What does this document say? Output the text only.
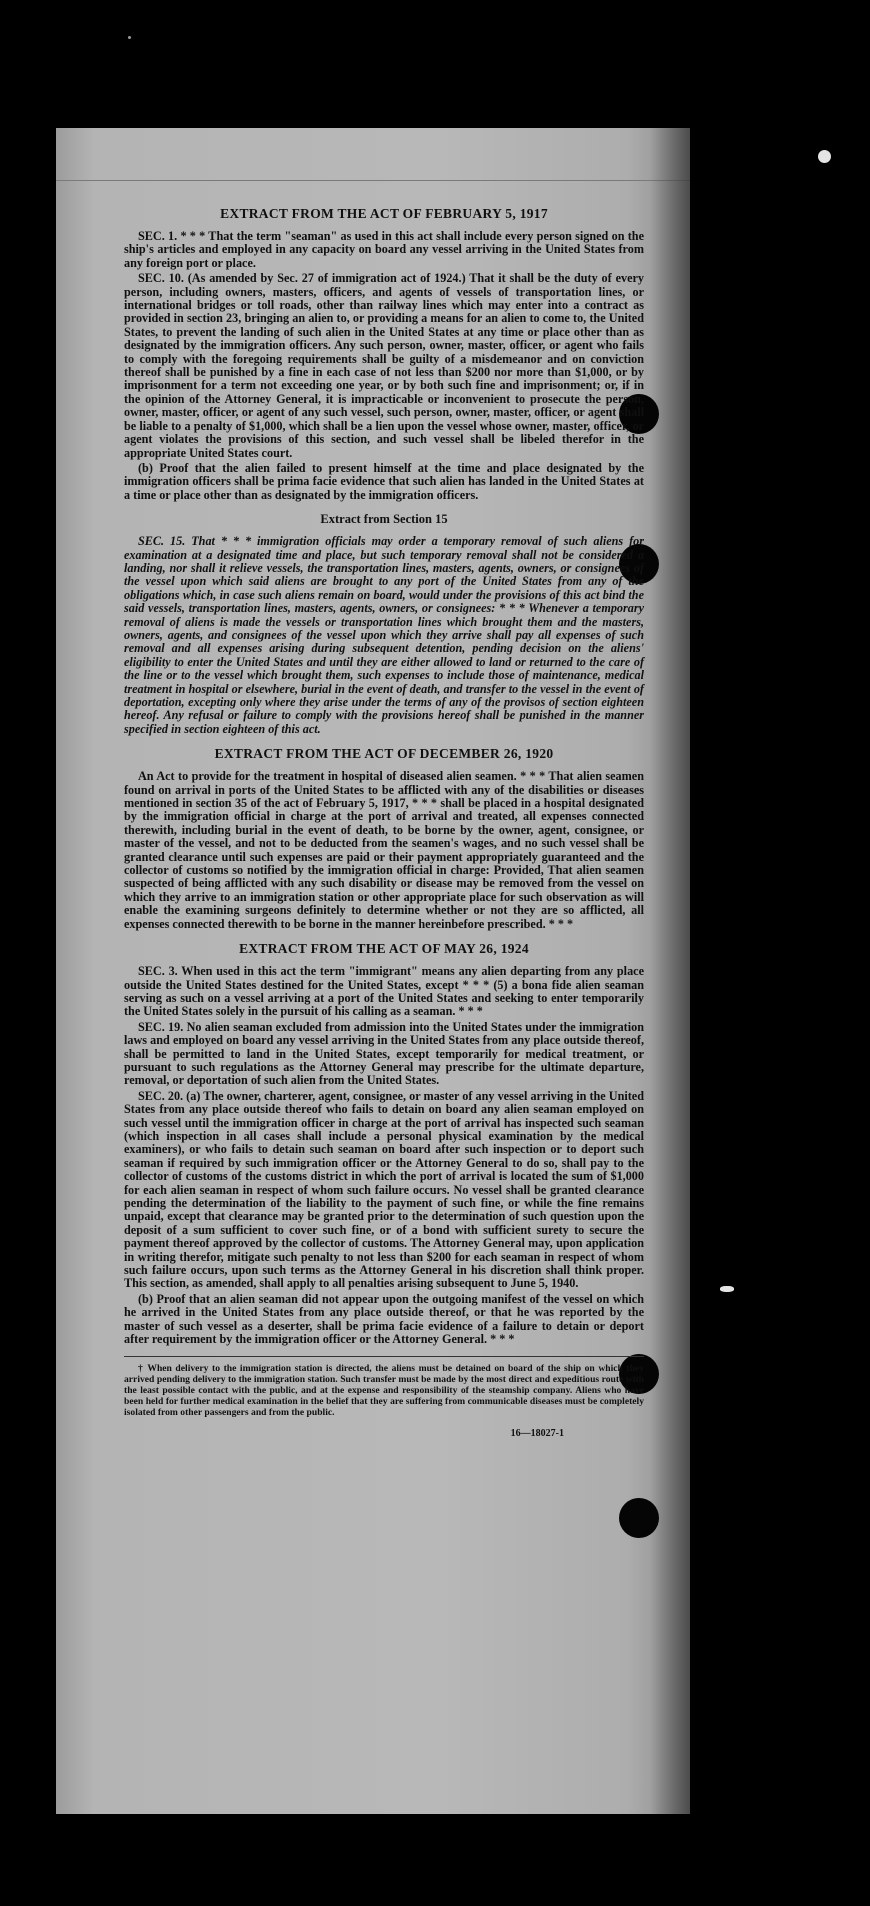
EXTRACT FROM THE ACT OF FEBRUARY 5, 1917

SEC. 1. * * * That the term "seaman" as used in this act shall include every person signed on the ship's articles and employed in any capacity on board any vessel arriving in the United States from any foreign port or place.

SEC. 10. (As amended by Sec. 27 of immigration act of 1924.) That it shall be the duty of every person, including owners, masters, officers, and agents of vessels of transportation lines, or international bridges or toll roads, other than railway lines which may enter into a contract as provided in section 23, bringing an alien to, or providing a means for an alien to come to, the United States, to prevent the landing of such alien in the United States at any time or place other than as designated by the immigration officers. Any such person, owner, master, officer, or agent who fails to comply with the foregoing requirements shall be guilty of a misdemeanor and on conviction thereof shall be punished by a fine in each case of not less than $200 nor more than $1,000, or by imprisonment for a term not exceeding one year, or by both such fine and imprisonment; or, if in the opinion of the Attorney General, it is impracticable or inconvenient to prosecute the person, owner, master, officer, or agent of any such vessel, such person, owner, master, officer, or agent shall be liable to a penalty of $1,000, which shall be a lien upon the vessel whose owner, master, officer, or agent violates the provisions of this section, and such vessel shall be libeled therefor in the appropriate United States court.

(b) Proof that the alien failed to present himself at the time and place designated by the immigration officers shall be prima facie evidence that such alien has landed in the United States at a time or place other than as designated by the immigration officers.

Extract from Section 15

SEC. 15. That * * * immigration officials may order a temporary removal of such aliens for examination at a designated time and place, but such temporary removal shall not be considered a landing, nor shall it relieve vessels, the transportation lines, masters, agents, owners, or consignees of the vessel upon which said aliens are brought to any port of the United States from any of the obligations which, in case such aliens remain on board, would under the provisions of this act bind the said vessels, transportation lines, masters, agents, owners, or consignees: * * * Whenever a temporary removal of aliens is made the vessels or transportation lines which brought them and the masters, owners, agents, and consignees of the vessel upon which they arrive shall pay all expenses of such removal and all expenses arising during subsequent detention, pending decision on the aliens' eligibility to enter the United States and until they are either allowed to land or returned to the care of the line or to the vessel which brought them, such expenses to include those of maintenance, medical treatment in hospital or elsewhere, burial in the event of death, and transfer to the vessel in the event of deportation, excepting only where they arise under the terms of any of the provisos of section eighteen hereof. Any refusal or failure to comply with the provisions hereof shall be punished in the manner specified in section eighteen of this act.

EXTRACT FROM THE ACT OF DECEMBER 26, 1920

An Act to provide for the treatment in hospital of diseased alien seamen. * * * That alien seamen found on arrival in ports of the United States to be afflicted with any of the disabilities or diseases mentioned in section 35 of the act of February 5, 1917, * * * shall be placed in a hospital designated by the immigration official in charge at the port of arrival and treated, all expenses connected therewith, including burial in the event of death, to be borne by the owner, agent, consignee, or master of the vessel, and not to be deducted from the seamen's wages, and no such vessel shall be granted clearance until such expenses are paid or their payment appropriately guaranteed and the collector of customs so notified by the immigration official in charge: Provided, That alien seamen suspected of being afflicted with any such disability or disease may be removed from the vessel on which they arrive to an immigration station or other appropriate place for such observation as will enable the examining surgeons definitely to determine whether or not they are so afflicted, all expenses connected therewith to be borne in the manner hereinbefore prescribed. * * *

EXTRACT FROM THE ACT OF MAY 26, 1924

SEC. 3. When used in this act the term "immigrant" means any alien departing from any place outside the United States destined for the United States, except * * * (5) a bona fide alien seaman serving as such on a vessel arriving at a port of the United States and seeking to enter temporarily the United States solely in the pursuit of his calling as a seaman. * * *

SEC. 19. No alien seaman excluded from admission into the United States under the immigration laws and employed on board any vessel arriving in the United States from any place outside thereof, shall be permitted to land in the United States, except temporarily for medical treatment, or pursuant to such regulations as the Attorney General may prescribe for the ultimate departure, removal, or deportation of such alien from the United States.

SEC. 20. (a) The owner, charterer, agent, consignee, or master of any vessel arriving in the United States from any place outside thereof who fails to detain on board any alien seaman employed on such vessel until the immigration officer in charge at the port of arrival has inspected such seaman (which inspection in all cases shall include a personal physical examination by the medical examiners), or who fails to detain such seaman on board after such inspection or to deport such seaman if required by such immigration officer or the Attorney General to do so, shall pay to the collector of customs of the customs district in which the port of arrival is located the sum of $1,000 for each alien seaman in respect of whom such failure occurs. No vessel shall be granted clearance pending the determination of the liability to the payment of such fine, or while the fine remains unpaid, except that clearance may be granted prior to the determination of such question upon the deposit of a sum sufficient to cover such fine, or of a bond with sufficient surety to secure the payment thereof approved by the collector of customs. The Attorney General may, upon application in writing therefor, mitigate such penalty to not less than $200 for each seaman in respect of whom such failure occurs, upon such terms as the Attorney General in his discretion shall think proper. This section, as amended, shall apply to all penalties arising subsequent to June 5, 1940.

(b) Proof that an alien seaman did not appear upon the outgoing manifest of the vessel on which he arrived in the United States from any place outside thereof, or that he was reported by the master of such vessel as a deserter, shall be prima facie evidence of a failure to detain or deport after requirement by the immigration officer or the Attorney General. * * *

† When delivery to the immigration station is directed, the aliens must be detained on board of the ship on which they arrived pending delivery to the immigration station. Such transfer must be made by the most direct and expeditious route with the least possible contact with the public, and at the expense and responsibility of the steamship company. Aliens who have been held for further medical examination in the belief that they are suffering from communicable diseases must be completely isolated from other passengers and from the public.

16—18027-1
